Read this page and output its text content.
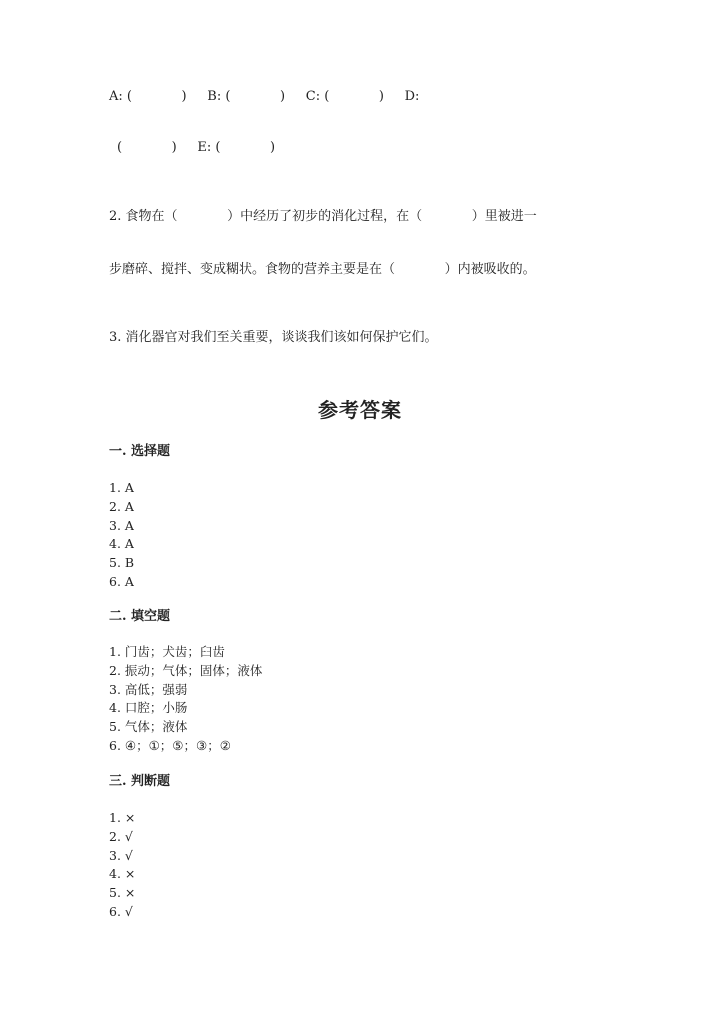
A: (            )     B: (            )     C: (            )     D:
(            )     E: (            )
2. 食物在（            ）中经历了初步的消化过程，在（            ）里被进一
步磨碎、搅拌、变成糊状。食物的营养主要是在（            ）内被吸收的。
3. 消化器官对我们至关重要，谈谈我们该如何保护它们。
参考答案
一. 选择题
1. A
2. A
3. A
4. A
5. B
6. A
二. 填空题
1. 门齿；犬齿；臼齿
2. 振动；气体；固体；液体
3. 高低；强弱
4. 口腔；小肠
5. 气体；液体
6. ④；①；⑤；③；②
三. 判断题
1. ×
2. √
3. √
4. ×
5. ×
6. √
